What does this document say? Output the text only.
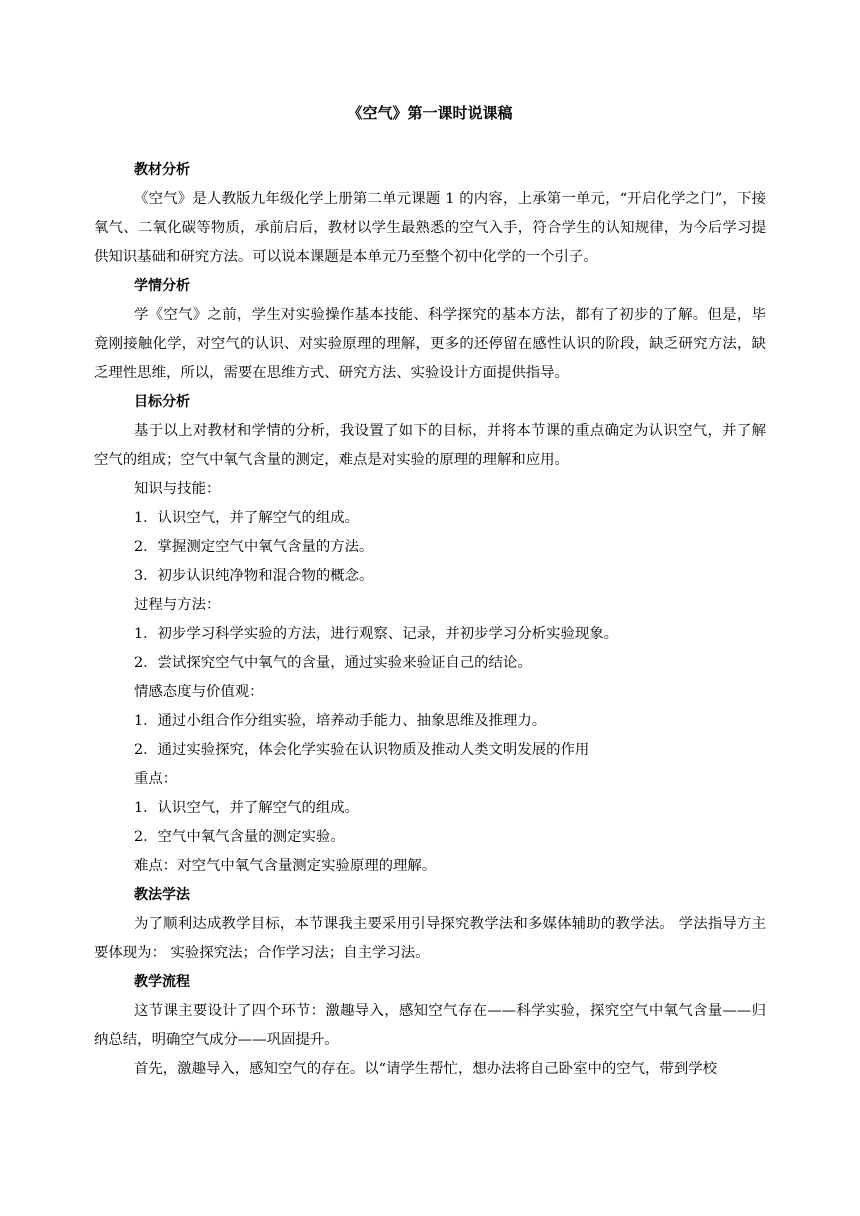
《空气》第一课时说课稿

教材分析

《空气》是人教版九年级化学上册第二单元课题 1 的内容，上承第一单元，“开启化学之门”，下接氧气、二氧化碳等物质，承前启后，教材以学生最熟悉的空气入手，符合学生的认知规律，为今后学习提供知识基础和研究方法。可以说本课题是本单元乃至整个初中化学的一个引子。

学情分析

学《空气》之前，学生对实验操作基本技能、科学探究的基本方法，都有了初步的了解。但是，毕竟刚接触化学，对空气的认识、对实验原理的理解，更多的还停留在感性认识的阶段，缺乏研究方法，缺乏理性思维，所以，需要在思维方式、研究方法、实验设计方面提供指导。

目标分析

基于以上对教材和学情的分析，我设置了如下的目标，并将本节课的重点确定为认识空气，并了解空气的组成；空气中氧气含量的测定，难点是对实验的原理的理解和应用。

知识与技能：

1．认识空气，并了解空气的组成。

2．掌握测定空气中氧气含量的方法。

3．初步认识纯净物和混合物的概念。

过程与方法：

1．初步学习科学实验的方法，进行观察、记录，并初步学习分析实验现象。

2．尝试探究空气中氧气的含量，通过实验来验证自己的结论。

情感态度与价值观：

1．通过小组合作分组实验，培养动手能力、抽象思维及推理力。

2．通过实验探究，体会化学实验在认识物质及推动人类文明发展的作用

重点：

1．认识空气，并了解空气的组成。

2．空气中氧气含量的测定实验。

难点：对空气中氧气含量测定实验原理的理解。

教法学法

为了顺利达成教学目标，本节课我主要采用引导探究教学法和多媒体辅助的教学法。 学法指导方主要体现为： 实验探究法；合作学习法；自主学习法。

教学流程

这节课主要设计了四个环节：激趣导入，感知空气存在——科学实验，探究空气中氧气含量——归纳总结，明确空气成分——巩固提升。

首先，激趣导入，感知空气的存在。以“请学生帮忙，想办法将自己卧室中的空气，带到学校
